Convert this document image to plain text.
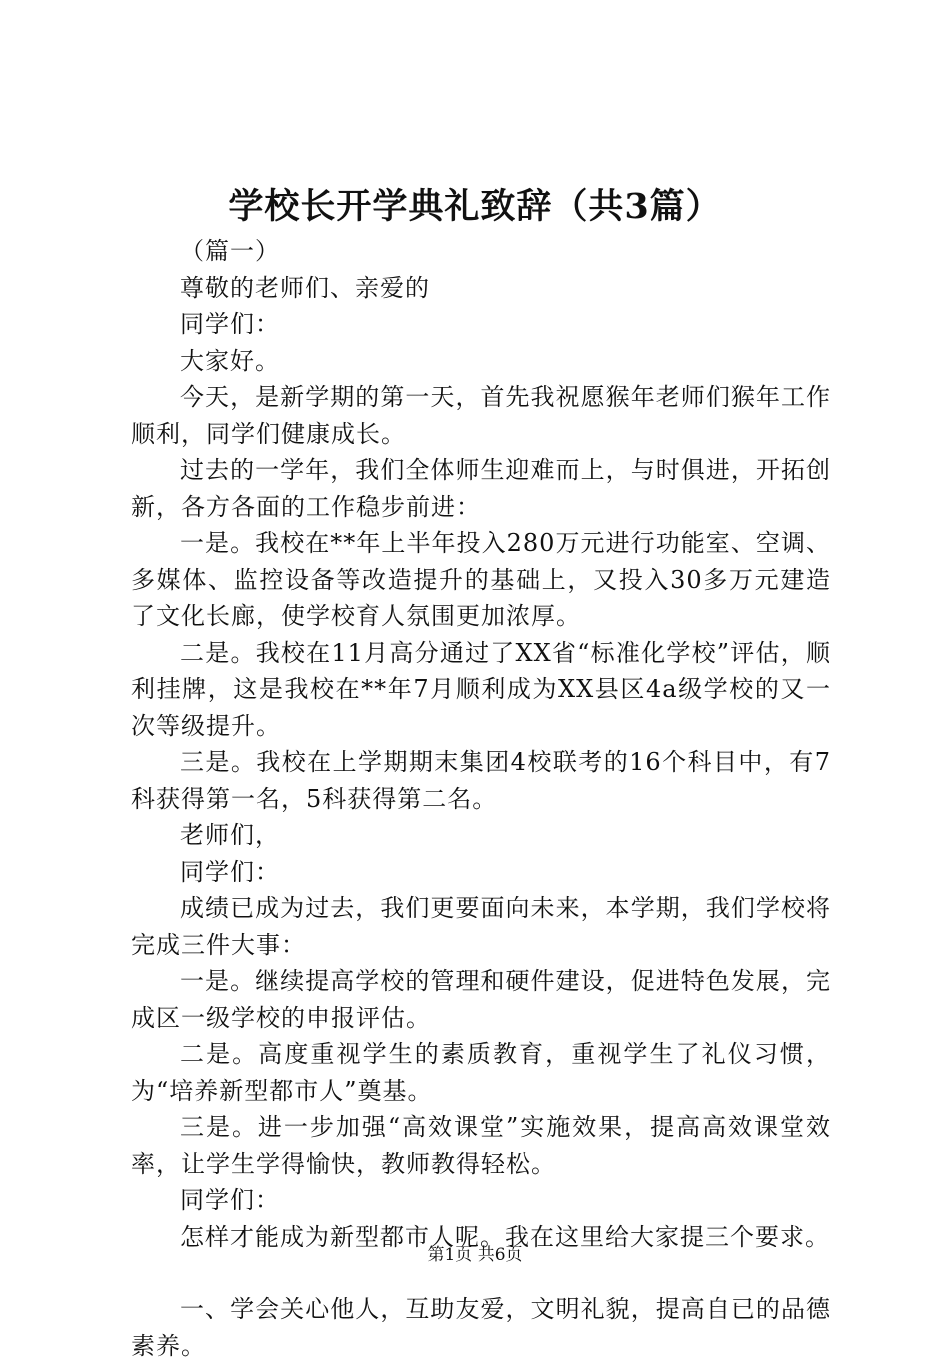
学校长开学典礼致辞（共3篇）

（篇一）

尊敬的老师们、亲爱的

同学们：

大家好。

今天，是新学期的第一天，首先我祝愿猴年老师们猴年工作顺利，同学们健康成长。

过去的一学年，我们全体师生迎难而上，与时俱进，开拓创新，各方各面的工作稳步前进：

一是。我校在**年上半年投入280万元进行功能室、空调、多媒体、监控设备等改造提升的基础上，又投入30多万元建造了文化长廊，使学校育人氛围更加浓厚。

二是。我校在11月高分通过了XX省“标准化学校”评估，顺利挂牌，这是我校在**年7月顺利成为XX县区4a级学校的又一次等级提升。

三是。我校在上学期期末集团4校联考的16个科目中，有7科获得第一名，5科获得第二名。

老师们，

同学们：

成绩已成为过去，我们更要面向未来，本学期，我们学校将完成三件大事：

一是。继续提高学校的管理和硬件建设，促进特色发展，完成区一级学校的申报评估。

二是。高度重视学生的素质教育，重视学生了礼仪习惯，为“培养新型都市人”奠基。

三是。进一步加强“高效课堂”实施效果，提高高效课堂效率，让学生学得愉快，教师教得轻松。

同学们：

怎样才能成为新型都市人呢。我在这里给大家提三个要求。

一、学会关心他人，互助友爱，文明礼貌，提高自已的品德素养。

第1页 共6页
